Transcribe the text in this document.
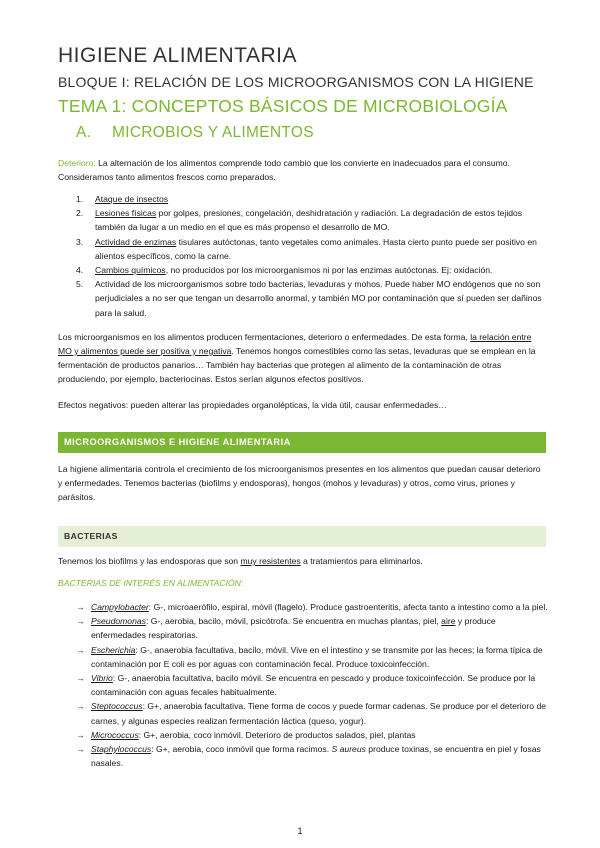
HIGIENE ALIMENTARIA
BLOQUE I: RELACIÓN DE LOS MICROORGANISMOS CON LA HIGIENE
TEMA 1: CONCEPTOS BÁSICOS DE MICROBIOLOGÍA
A. MICROBIOS Y ALIMENTOS
Deterioro: La alternación de los alimentos comprende todo cambio que los convierte en inadecuados para el consumo. Consideramos tanto alimentos frescos como preparados.
1. Ataque de insectos
2. Lesiones físicas por golpes, presiones, congelación, deshidratación y radiación. La degradación de estos tejidos también da lugar a un medio en el que es más propenso el desarrollo de MO.
3. Actividad de enzimas tisulares autóctonas, tanto vegetales como animales. Hasta cierto punto puede ser positivo en alientos específicos, como la carne.
4. Cambios químicos, no producidos por los microorganismos ni por las enzimas autóctonas. Ej: oxidación.
5. Actividad de los microorganismos sobre todo bacterias, levaduras y mohos. Puede haber MO endógenos que no son perjudiciales a no ser que tengan un desarrollo anormal, y también MO por contaminación que sí pueden ser dañinos para la salud.
Los microorganismos en los alimentos producen fermentaciones, deterioro o enfermedades. De esta forma, la relación entre MO y alimentos puede ser positiva y negativa. Tenemos hongos comestibles como las setas, levaduras que se emplean en la fermentación de productos panarios… También hay bacterias que protegen al alimento de la contaminación de otras produciendo, por ejemplo, bacteriocinas. Estos serían algunos efectos positivos.
Efectos negativos: pueden alterar las propiedades organolépticas, la vida útil, causar enfermedades…
MICROORGANISMOS E HIGIENE ALIMENTARIA
La higiene alimentaria controla el crecimiento de los microorganismos presentes en los alimentos que puedan causar deterioro y enfermedades. Tenemos bacterias (biofilms y endosporas), hongos (mohos y levaduras) y otros, como virus, priones y parásitos.
BACTERIAS
Tenemos los biofilms y las endosporas que son muy resistentes a tratamientos para eliminarlos.
BACTERIAS DE INTERÉS EN ALIMENTACIÓN:
→ Campylobacter: G-, microaerófilo, espiral, móvil (flagelo). Produce gastroenteritis, afecta tanto a intestino como a la piel.
→ Pseudomonas: G-, aerobia, bacilo, móvil, psicótrofa. Se encuentra en muchas plantas, piel, aire y produce enfermedades respiratorias.
→ Escherichia: G-, anaerobia facultativa, bacilo, móvil. Vive en el intestino y se transmite por las heces; la forma típica de contaminación por E coli es por aguas con contaminación fecal. Produce toxicoinfección.
→ Vibrio: G-, anaerobia facultativa, bacilo móvil. Se encuentra en pescado y produce toxicoinfección. Se produce por la contaminación con aguas fecales habitualmente.
→ Steptococcus: G+, anaerobia facultativa. Tiene forma de cocos y puede formar cadenas. Se produce por el deterioro de carnes, y algunas especies realizan fermentación láctica (queso, yogur).
→ Micrococcus: G+, aerobia, coco inmóvil. Deterioro de productos salados, piel, plantas
→ Staphylococcus: G+, aerobia, coco inmóvil que forma racimos. S aureus produce toxinas, se encuentra en piel y fosas nasales.
1
